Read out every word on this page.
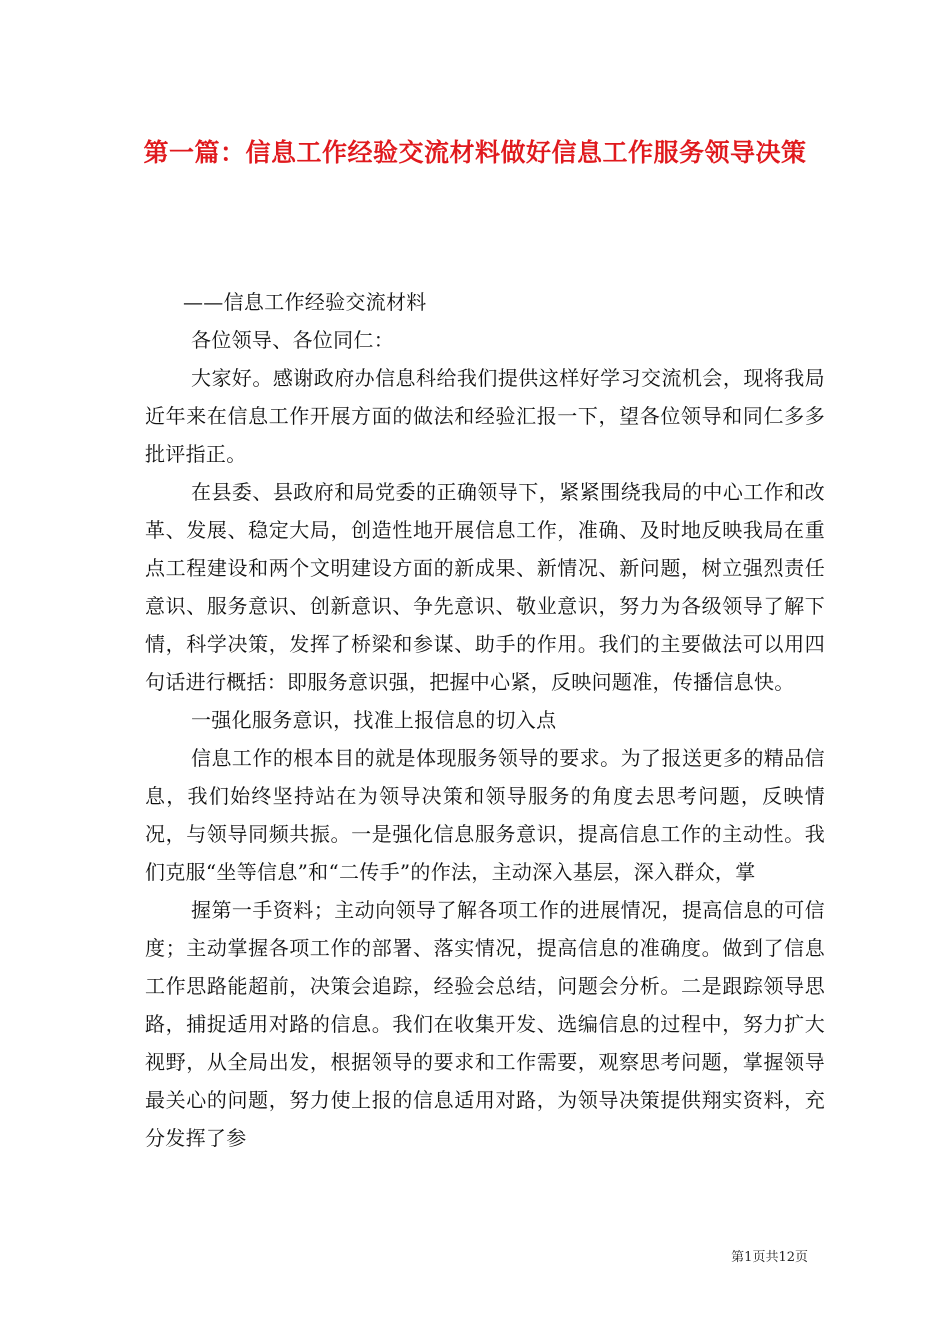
第一篇：信息工作经验交流材料做好信息工作服务领导决策

——信息工作经验交流材料

各位领导、各位同仁：

大家好。感谢政府办信息科给我们提供这样好学习交流机会，现将我局近年来在信息工作开展方面的做法和经验汇报一下，望各位领导和同仁多多批评指正。

在县委、县政府和局党委的正确领导下，紧紧围绕我局的中心工作和改革、发展、稳定大局，创造性地开展信息工作，准确、及时地反映我局在重点工程建设和两个文明建设方面的新成果、新情况、新问题，树立强烈责任意识、服务意识、创新意识、争先意识、敬业意识，努力为各级领导了解下情，科学决策，发挥了桥梁和参谋、助手的作用。我们的主要做法可以用四句话进行概括：即服务意识强，把握中心紧，反映问题准，传播信息快。

一强化服务意识，找准上报信息的切入点

信息工作的根本目的就是体现服务领导的要求。为了报送更多的精品信息，我们始终坚持站在为领导决策和领导服务的角度去思考问题，反映情况，与领导同频共振。一是强化信息服务意识，提高信息工作的主动性。我们克服“坐等信息”和“二传手”的作法，主动深入基层，深入群众，掌

握第一手资料；主动向领导了解各项工作的进展情况，提高信息的可信度；主动掌握各项工作的部署、落实情况，提高信息的准确度。做到了信息工作思路能超前，决策会追踪，经验会总结，问题会分析。二是跟踪领导思路，捕捉适用对路的信息。我们在收集开发、选编信息的过程中，努力扩大视野，从全局出发，根据领导的要求和工作需要，观察思考问题，掌握领导最关心的问题，努力使上报的信息适用对路，为领导决策提供翔实资料，充分发挥了参

第1页共12页
